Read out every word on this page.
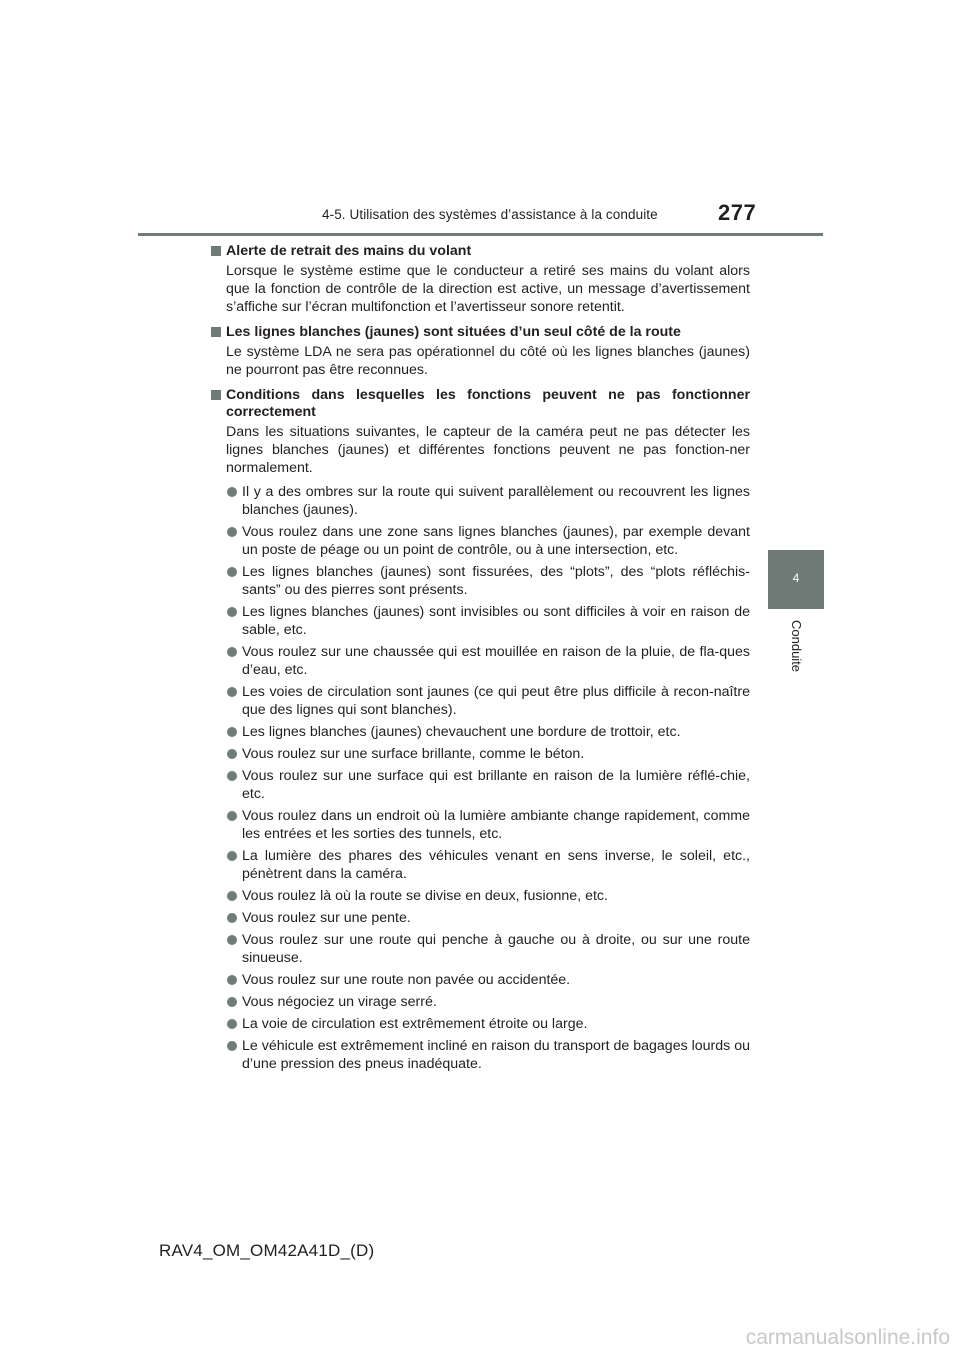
4-5. Utilisation des systèmes d’assistance à la conduite	277
4
Conduite
Alerte de retrait des mains du volant
Lorsque le système estime que le conducteur a retiré ses mains du volant alors que la fonction de contrôle de la direction est active, un message d’avertissement s’affiche sur l’écran multifonction et l’avertisseur sonore retentit.
Les lignes blanches (jaunes) sont situées d’un seul côté de la route
Le système LDA ne sera pas opérationnel du côté où les lignes blanches (jaunes) ne pourront pas être reconnues.
Conditions dans lesquelles les fonctions peuvent ne pas fonctionner correctement
Dans les situations suivantes, le capteur de la caméra peut ne pas détecter les lignes blanches (jaunes) et différentes fonctions peuvent ne pas fonction-ner normalement.
Il y a des ombres sur la route qui suivent parallèlement ou recouvrent les lignes blanches (jaunes).
Vous roulez dans une zone sans lignes blanches (jaunes), par exemple devant un poste de péage ou un point de contrôle, ou à une intersection, etc.
Les lignes blanches (jaunes) sont fissurées, des “plots”, des “plots réfléchis-sants” ou des pierres sont présents.
Les lignes blanches (jaunes) sont invisibles ou sont difficiles à voir en raison de sable, etc.
Vous roulez sur une chaussée qui est mouillée en raison de la pluie, de fla-ques d’eau, etc.
Les voies de circulation sont jaunes (ce qui peut être plus difficile à recon-naître que des lignes qui sont blanches).
Les lignes blanches (jaunes) chevauchent une bordure de trottoir, etc.
Vous roulez sur une surface brillante, comme le béton.
Vous roulez sur une surface qui est brillante en raison de la lumière réflé-chie, etc.
Vous roulez dans un endroit où la lumière ambiante change rapidement, comme les entrées et les sorties des tunnels, etc.
La lumière des phares des véhicules venant en sens inverse, le soleil, etc., pénètrent dans la caméra.
Vous roulez là où la route se divise en deux, fusionne, etc.
Vous roulez sur une pente.
Vous roulez sur une route qui penche à gauche ou à droite, ou sur une route sinueuse.
Vous roulez sur une route non pavée ou accidentée.
Vous négociez un virage serré.
La voie de circulation est extrêmement étroite ou large.
Le véhicule est extrêmement incliné en raison du transport de bagages lourds ou d’une pression des pneus inadéquate.
RAV4_OM_OM42A41D_(D)
carmanualsonline.info
